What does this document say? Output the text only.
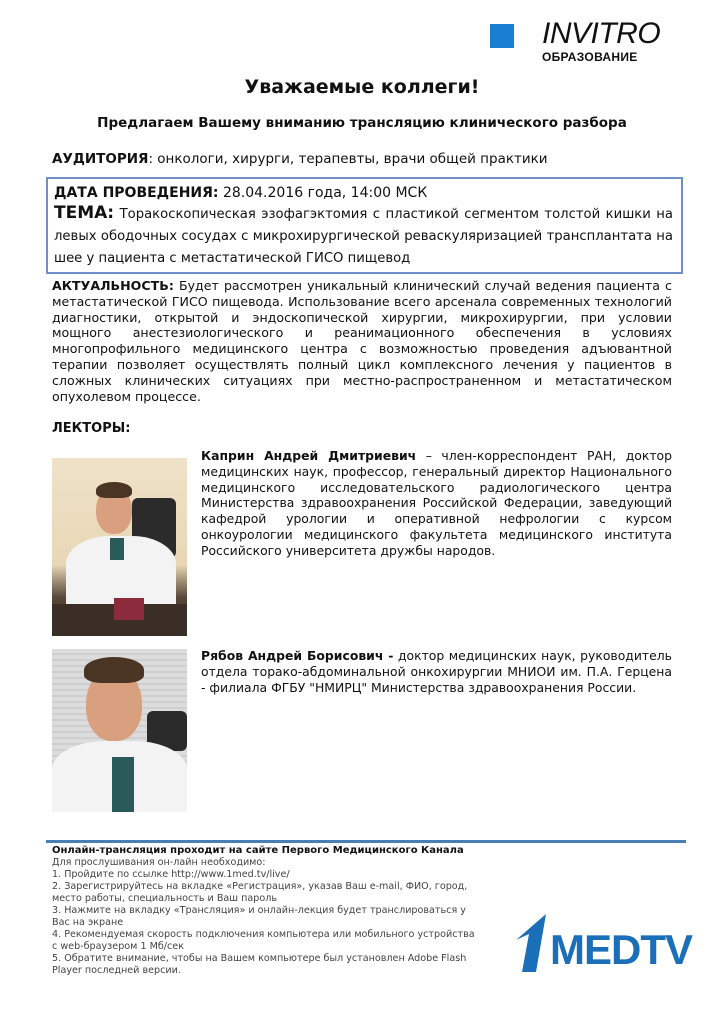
INVITRO
ОБРАЗОВАНИЕ
Уважаемые коллеги!
Предлагаем Вашему вниманию трансляцию клинического разбора
АУДИТОРИЯ: онкологи, хирурги, терапевты, врачи общей практики
ДАТА ПРОВЕДЕНИЯ: 28.04.2016 года, 14:00 МСК
ТЕМА: Торакоскопическая эзофагэктомия с пластикой сегментом толстой кишки на левых ободочных сосудах с микрохирургической реваскуляризацией трансплантата на шее у пациента с метастатической ГИСО пищевод
АКТУАЛЬНОСТЬ: Будет рассмотрен уникальный клинический случай ведения пациента с метастатической ГИСО пищевода. Использование всего арсенала современных технологий диагностики, открытой и эндоскопической хирургии, микрохирургии, при условии мощного анестезиологического и реанимационного обеспечения в условиях многопрофильного медицинского центра с возможностью проведения адъювантной терапии позволяет осуществлять полный цикл комплексного лечения у пациентов в сложных клинических ситуациях при местно-распространенном и метастатическом опухолевом процессе.
ЛЕКТОРЫ:
Каприн Андрей Дмитриевич – член-корреспондент РАН, доктор медицинских наук, профессор, генеральный директор Национального медицинского исследовательского радиологического центра Министерства здравоохранения Российской Федерации, заведующий кафедрой урологии и оперативной нефрологии с курсом онкоурологии медицинского факультета медицинского института Российского университета дружбы народов.
Рябов Андрей Борисович - доктор медицинских наук, руководитель отдела торако-абдоминальной онкохирургии МНИОИ им. П.А. Герцена - филиала ФГБУ "НМИРЦ" Министерства здравоохранения России.
Онлайн-трансляция проходит на сайте Первого Медицинского Канала
Для прослушивания он-лайн необходимо:
1. Пройдите по ссылке http://www.1med.tv/live/
2. Зарегистрируйтесь на вкладке «Регистрация», указав Ваш e-mail, ФИО, город, место работы, специальность и Ваш пароль
3. Нажмите на вкладку «Трансляция» и онлайн-лекция будет транслироваться у Вас на экране
4. Рекомендуемая скорость подключения компьютера или мобильного устройства с web-браузером 1 Мб/сек
5. Обратите внимание, чтобы на Вашем компьютере был установлен Adobe Flash Player последней версии.	MEDTV
